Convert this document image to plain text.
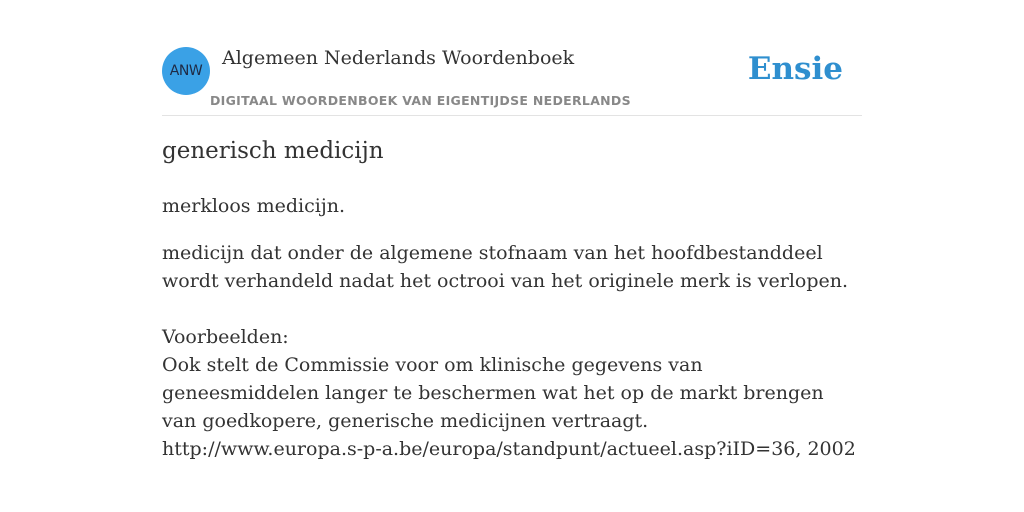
ANW
Algemeen Nederlands Woordenboek
DIGITAAL WOORDENBOEK VAN EIGENTIJDSE NEDERLANDS
Ensie
generisch medicijn
merkloos medicijn.
medicijn dat onder de algemene stofnaam van het hoofdbestanddeel wordt verhandeld nadat het octrooi van het originele merk is verlopen.
Voorbeelden:
Ook stelt de Commissie voor om klinische gegevens van geneesmiddelen langer te beschermen wat het op de markt brengen van goedkopere, generische medicijnen vertraagt.
http://www.europa.s-p-a.be/europa/standpunt/actueel.asp?iID=36, 2002
